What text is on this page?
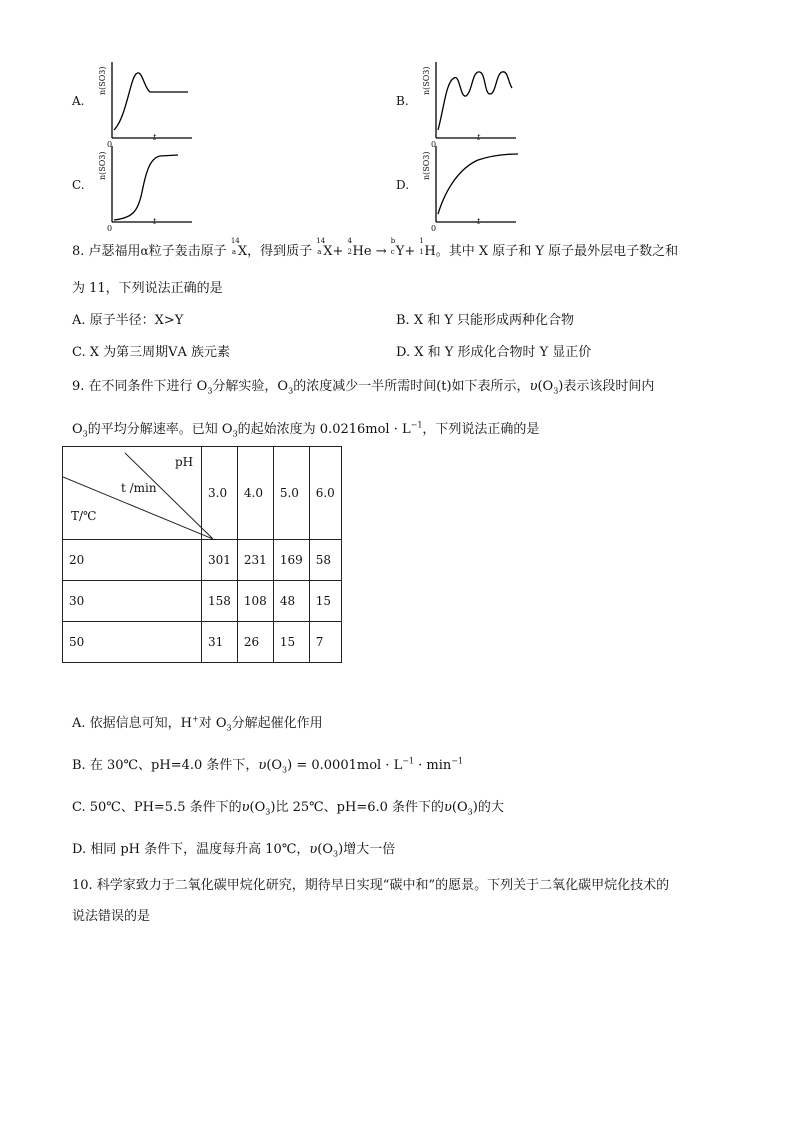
A.
n(SO3)
0
t
B.
n(SO3)
0
t
C.
n(SO3)
0
t
D.
n(SO3)
0
t
8. 卢瑟福用α粒子轰击原子
14
a X，得到质子
14
a X+
4
2 He →
b
c Y+
1
1 H。其中 X 原子和 Y 原子最外层电子数之和
为 11，下列说法正确的是
A. 原子半径：X>Y	B. X 和 Y 只能形成两种化合物
C. X 为第三周期ⅤA 族元素	D. X 和 Y 形成化合物时 Y 显正价
9. 在不同条件下进行 $O_3$分解实验，$O_3$的浓度减少一半所需时间(t)如下表所示，$\upsilon(O_3)$表示该段时间内
$O_3$的平均分解速率。已知 $O_3$的起始浓度为 $0.0216mol \cdot L^{-1}$，下列说法正确的是
pH
t /min
T/℃	3.0	4.0	5.0	6.0
20	301	231	169	58
30	158	108	48	15
50	31	26	15	7
A. 依据信息可知，H+对 $O_3$分解起催化作用
B. 在 30℃、pH=4.0 条件下，$\upsilon(O_3) = 0.0001mol \cdot L^{-1} \cdot \min^{-1}$
C. 50℃、PH=5.5 条件下的$\upsilon(O_3)$比 25℃、pH=6.0 条件下的$\upsilon(O_3)$的大
D. 相同 pH 条件下，温度每升高 10℃，$\upsilon(O_3)$增大一倍
10. 科学家致力于二氧化碳甲烷化研究，期待早日实现“碳中和”的愿景。下列关于二氧化碳甲烷化技术的
说法错误的是
